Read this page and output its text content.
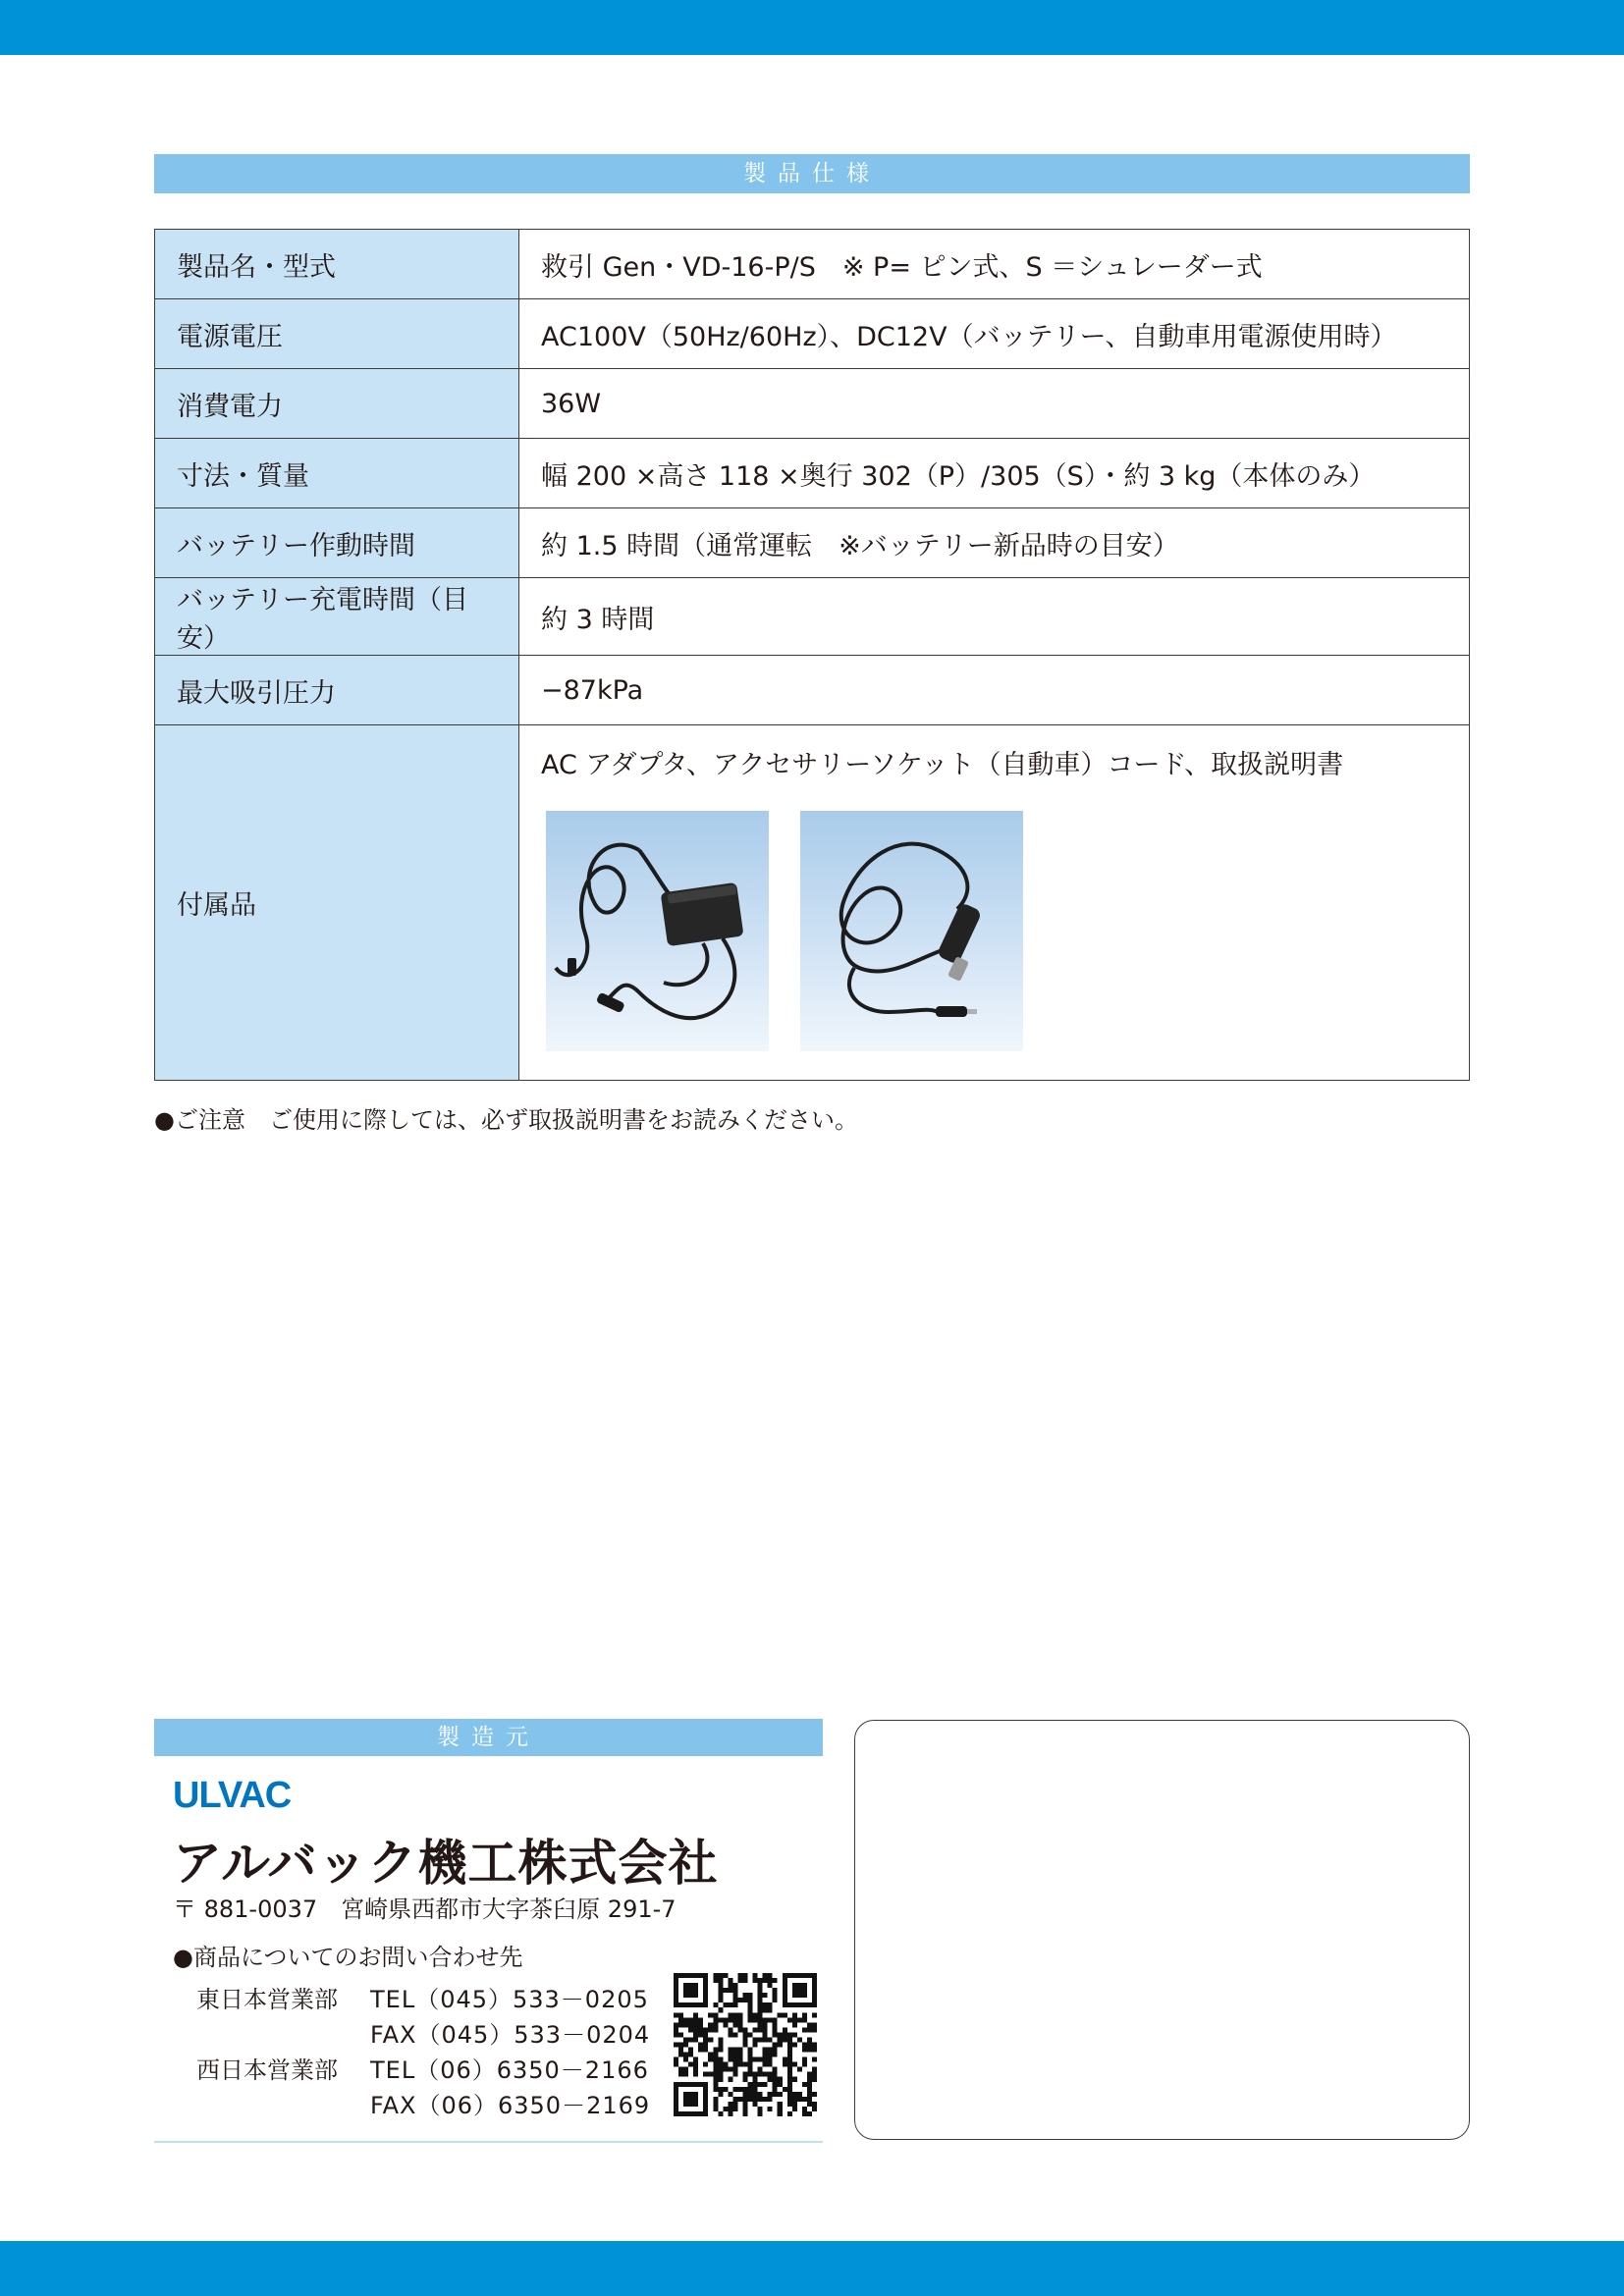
製品仕様
製品名・型式	救引 Gen・VD-16-P/S　※ P= ピン式、S ＝シュレーダー式
電源電圧	AC100V（50Hz/60Hz）、DC12V（バッテリー、自動車用電源使用時）
消費電力	36W
寸法・質量	幅 200 ×高さ 118 ×奥行 302（P）/305（S）・約 3 kg（本体のみ）
バッテリー作動時間	約 1.5 時間（通常運転　※バッテリー新品時の目安）
バッテリー充電時間（目安）	約 3 時間
最大吸引圧力	−87kPa
付属品	AC アダプタ、アクセサリーソケット（自動車）コード、取扱説明書
●ご注意　ご使用に際しては、必ず取扱説明書をお読みください。
製造元
ULVAC
アルバック機工株式会社
〒 881-0037　宮崎県西都市大字茶臼原 291-7
●商品についてのお問い合わせ先
東日本営業部 TEL（045）533－0205
FAX（045）533－0204
西日本営業部 TEL（06）6350－2166
FAX（06）6350－2169
